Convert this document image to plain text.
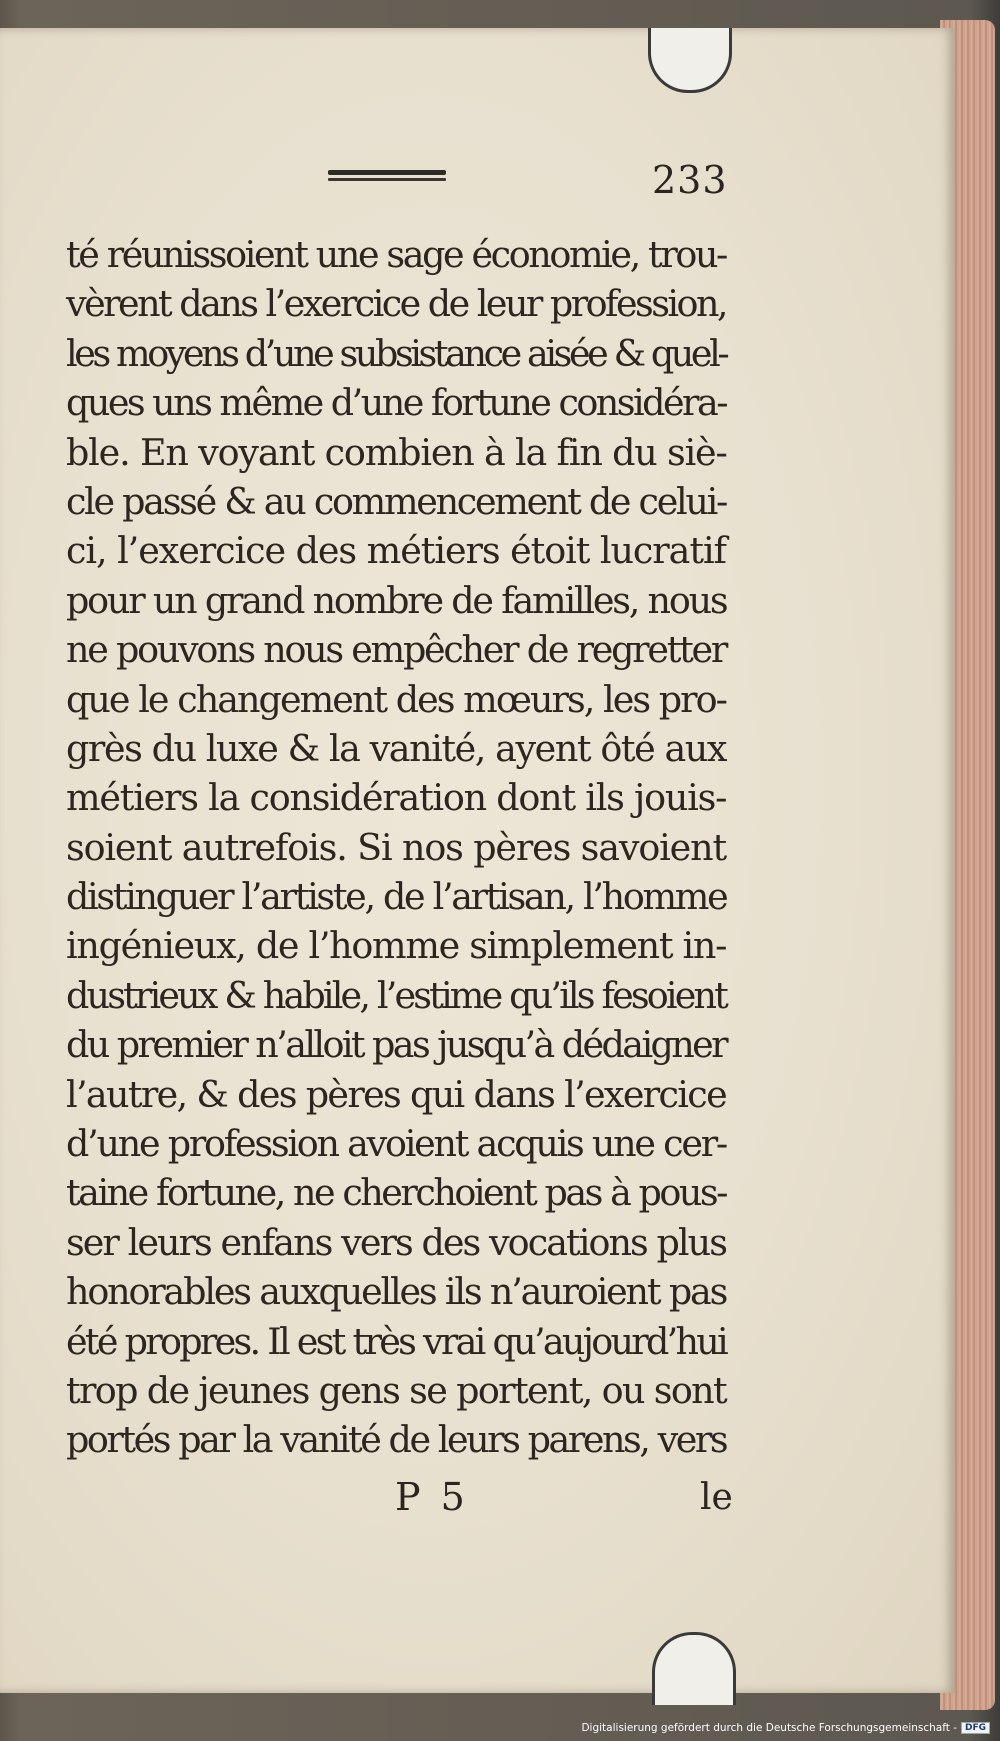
233
té réunissoient une sage économie, trou-
vèrent dans l’exercice de leur profession,
les moyens d’une subsistance aisée & quel-
ques uns même d’une fortune considéra-
ble. En voyant combien à la fin du siè-
cle passé & au commencement de celui-
ci, l’exercice des métiers étoit lucratif
pour un grand nombre de familles, nous
ne pouvons nous empêcher de regretter
que le changement des mœurs, les pro-
grès du luxe & la vanité, ayent ôté aux
métiers la considération dont ils jouis-
soient autrefois. Si nos pères savoient
distinguer l’artiste, de l’artisan, l’homme
ingénieux, de l’homme simplement in-
dustrieux & habile, l’estime qu’ils fesoient
du premier n’alloit pas jusqu’à dédaigner
l’autre, & des pères qui dans l’exercice
d’une profession avoient acquis une cer-
taine fortune, ne cherchoient pas à pous-
ser leurs enfans vers des vocations plus
honorables auxquelles ils n’auroient pas
été propres. Il est très vrai qu’aujourd’hui
trop de jeunes gens se portent, ou sont
portés par la vanité de leurs parens, vers
P 5	le
Digitalisierung gefördert durch die Deutsche Forschungsgemeinschaft - DFG
